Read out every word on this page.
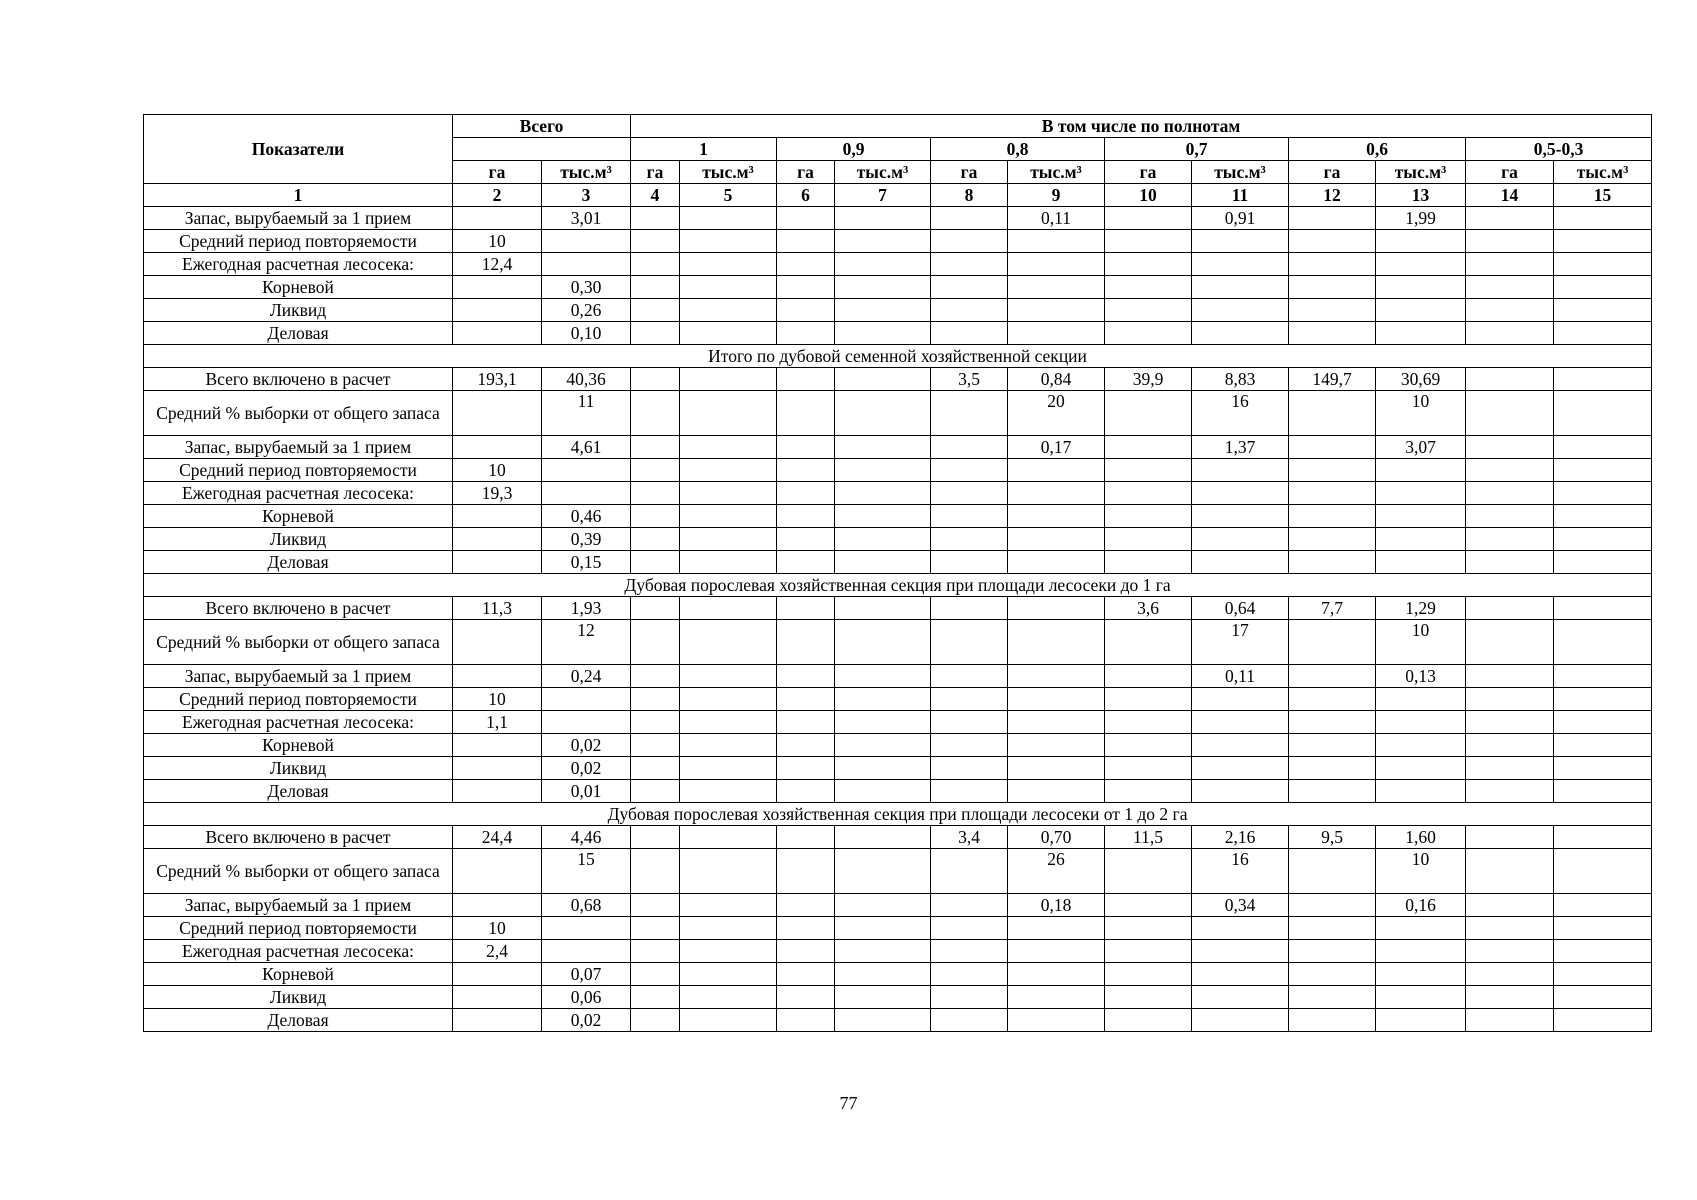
Показатели	Всего		В том числе по полнотам											
			1		0,9		0,8		0,7		0,6		0,5-0,3	
	га	тыс.м³	га	тыс.м³	га	тыс.м³	га	тыс.м³	га	тыс.м³	га	тыс.м³	га	тыс.м³
1	2	3	4	5	6	7	8	9	10	11	12	13	14	15
Запас, вырубаемый за 1 прием		3,01						0,11		0,91		1,99		
Средний период повторяемости	10													
Ежегодная расчетная лесосека:	12,4													
Корневой		0,30												
Ликвид		0,26												
Деловая		0,10												
Итого по дубовой семенной хозяйственной секции														
Всего включено в расчет	193,1	40,36					3,5	0,84	39,9	8,83	149,7	30,69		
Средний % выборки от общего запаса		11						20		16		10		
Запас, вырубаемый за 1 прием		4,61						0,17		1,37		3,07		
Средний период повторяемости	10													
Ежегодная расчетная лесосека:	19,3													
Корневой		0,46												
Ликвид		0,39												
Деловая		0,15												
Дубовая порослевая хозяйственная секция при площади лесосеки до 1 га														
Всего включено в расчет	11,3	1,93							3,6	0,64	7,7	1,29		
Средний % выборки от общего запаса		12								17		10		
Запас, вырубаемый за 1 прием		0,24								0,11		0,13		
Средний период повторяемости	10													
Ежегодная расчетная лесосека:	1,1													
Корневой		0,02												
Ликвид		0,02												
Деловая		0,01												
Дубовая порослевая хозяйственная секция при площади лесосеки от 1 до 2 га														
Всего включено в расчет	24,4	4,46					3,4	0,70	11,5	2,16	9,5	1,60		
Средний % выборки от общего запаса		15						26		16		10		
Запас, вырубаемый за 1 прием		0,68						0,18		0,34		0,16		
Средний период повторяемости	10													
Ежегодная расчетная лесосека:	2,4													
Корневой		0,07												
Ликвид		0,06												
Деловая		0,02												
77
